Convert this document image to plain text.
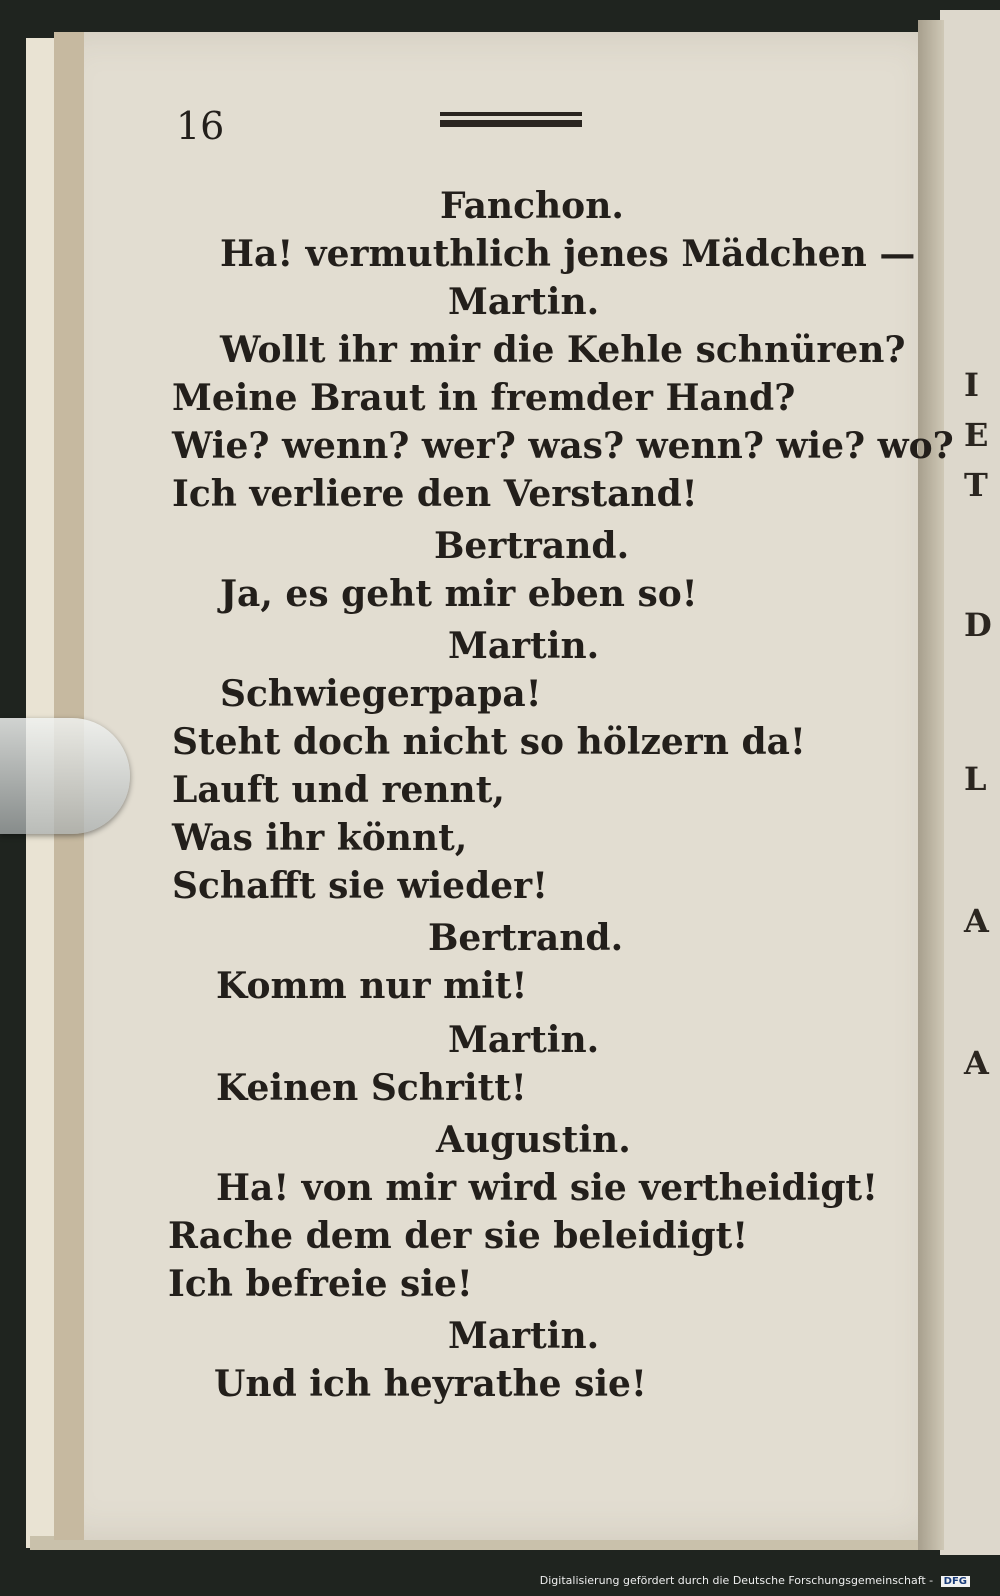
I
E
T
D
L
A
A
16
Fanchon.
Ha! vermuthlich jenes Mädchen —
Martin.
Wollt ihr mir die Kehle schnüren?
Meine Braut in fremder Hand?
Wie? wenn? wer? was? wenn? wie? wo?
Ich verliere den Verstand!
Bertrand.
Ja, es geht mir eben so!
Martin.
Schwiegerpapa!
Steht doch nicht so hölzern da!
Lauft und rennt,
Was ihr könnt,
Schafft sie wieder!
Bertrand.
Komm nur mit!
Martin.
Keinen Schritt!
Augustin.
Ha! von mir wird sie vertheidigt!
Rache dem der sie beleidigt!
Ich befreie sie!
Martin.
Und ich heyrathe sie!
Digitalisierung gefördert durch die Deutsche Forschungsgemeinschaft - DFG
